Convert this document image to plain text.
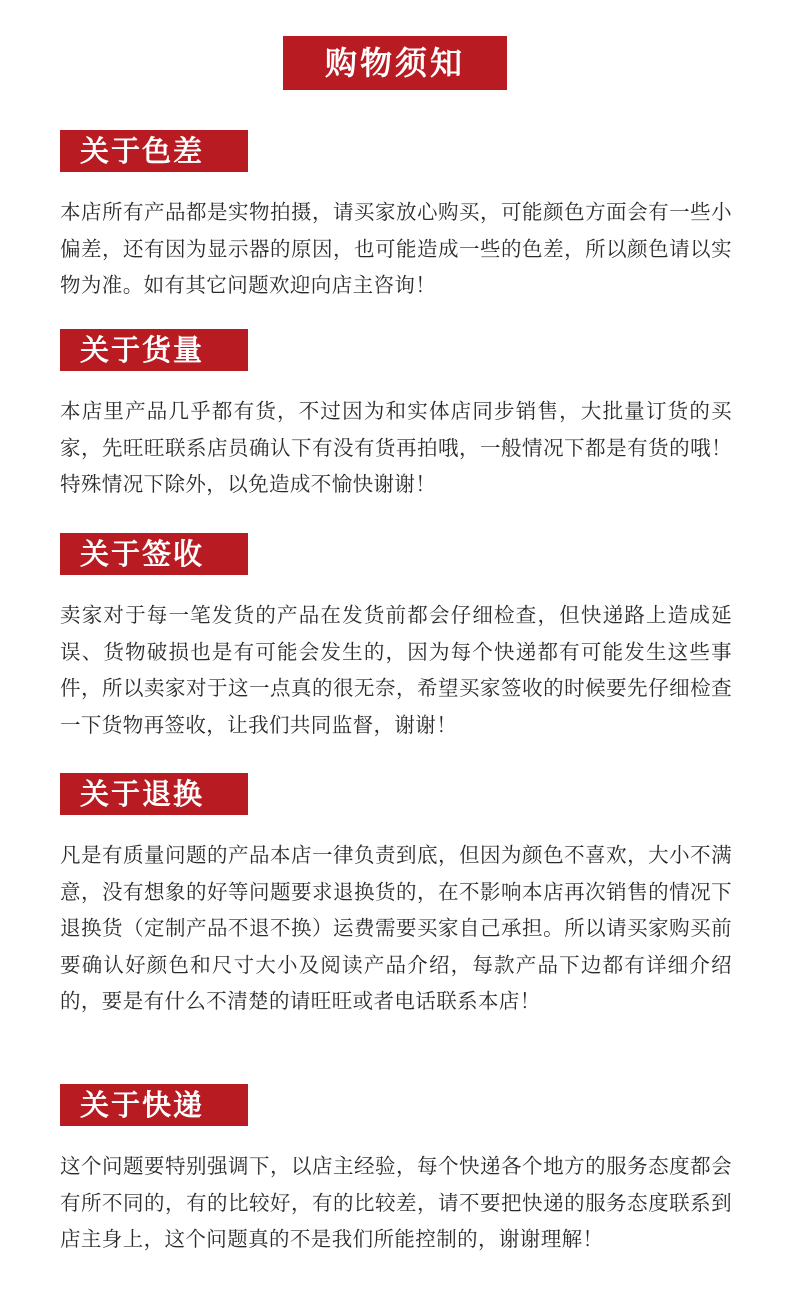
购物须知
关于色差

本店所有产品都是实物拍摄，请买家放心购买，可能颜色方面会有一些小偏差，还有因为显示器的原因，也可能造成一些的色差，所以颜色请以实物为准。如有其它问题欢迎向店主咨询！

关于货量

本店里产品几乎都有货，不过因为和实体店同步销售，大批量订货的买家，先旺旺联系店员确认下有没有货再拍哦，一般情况下都是有货的哦！特殊情况下除外，以免造成不愉快谢谢！

关于签收

卖家对于每一笔发货的产品在发货前都会仔细检查，但快递路上造成延误、货物破损也是有可能会发生的，因为每个快递都有可能发生这些事件，所以卖家对于这一点真的很无奈，希望买家签收的时候要先仔细检查一下货物再签收，让我们共同监督，谢谢！

关于退换

凡是有质量问题的产品本店一律负责到底，但因为颜色不喜欢，大小不满意，没有想象的好等问题要求退换货的，在不影响本店再次销售的情况下退换货（定制产品不退不换）运费需要买家自己承担。所以请买家购买前要确认好颜色和尺寸大小及阅读产品介绍，每款产品下边都有详细介绍的，要是有什么不清楚的请旺旺或者电话联系本店！

关于快递

这个问题要特别强调下，以店主经验，每个快递各个地方的服务态度都会有所不同的，有的比较好，有的比较差，请不要把快递的服务态度联系到店主身上，这个问题真的不是我们所能控制的，谢谢理解！
